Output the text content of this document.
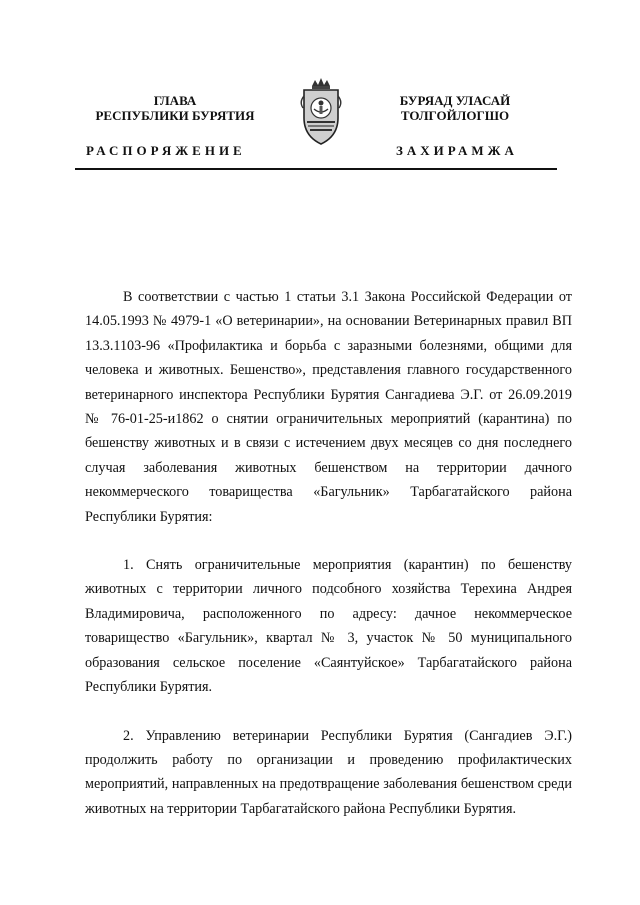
ГЛАВА
РЕСПУБЛИКИ БУРЯТИЯ
БУРЯАД УЛАСАЙ
ТОЛГОЙЛОГШО
РАСПОРЯЖЕНИЕ	ЗАХИРАМЖА

В соответствии с частью 1 статьи 3.1 Закона Российской Федерации от 14.05.1993 № 4979-1 «О ветеринарии», на основании Ветеринарных правил ВП 13.3.1103-96 «Профилактика и борьба с заразными болезнями, общими для человека и животных. Бешенство», представления главного государственного ветеринарного инспектора Республики Бурятия Сангадиева Э.Г. от 26.09.2019 № 76-01-25-и1862 о снятии ограничительных мероприятий (карантина) по бешенству животных и в связи с истечением двух месяцев со дня последнего случая заболевания животных бешенством на территории дачного некоммерческого товарищества «Багульник» Тарбагатайского района Республики Бурятия:

1. Снять ограничительные мероприятия (карантин) по бешенству животных с территории личного подсобного хозяйства Терехина Андрея Владимировича, расположенного по адресу: дачное некоммерческое товарищество «Багульник», квартал № 3, участок № 50 муниципального образования сельское поселение «Саянтуйское» Тарбагатайского района Республики Бурятия.

2. Управлению ветеринарии Республики Бурятия (Сангадиев Э.Г.) продолжить работу по организации и проведению профилактических мероприятий, направленных на предотвращение заболевания бешенством среди животных на территории Тарбагатайского района Республики Бурятия.
